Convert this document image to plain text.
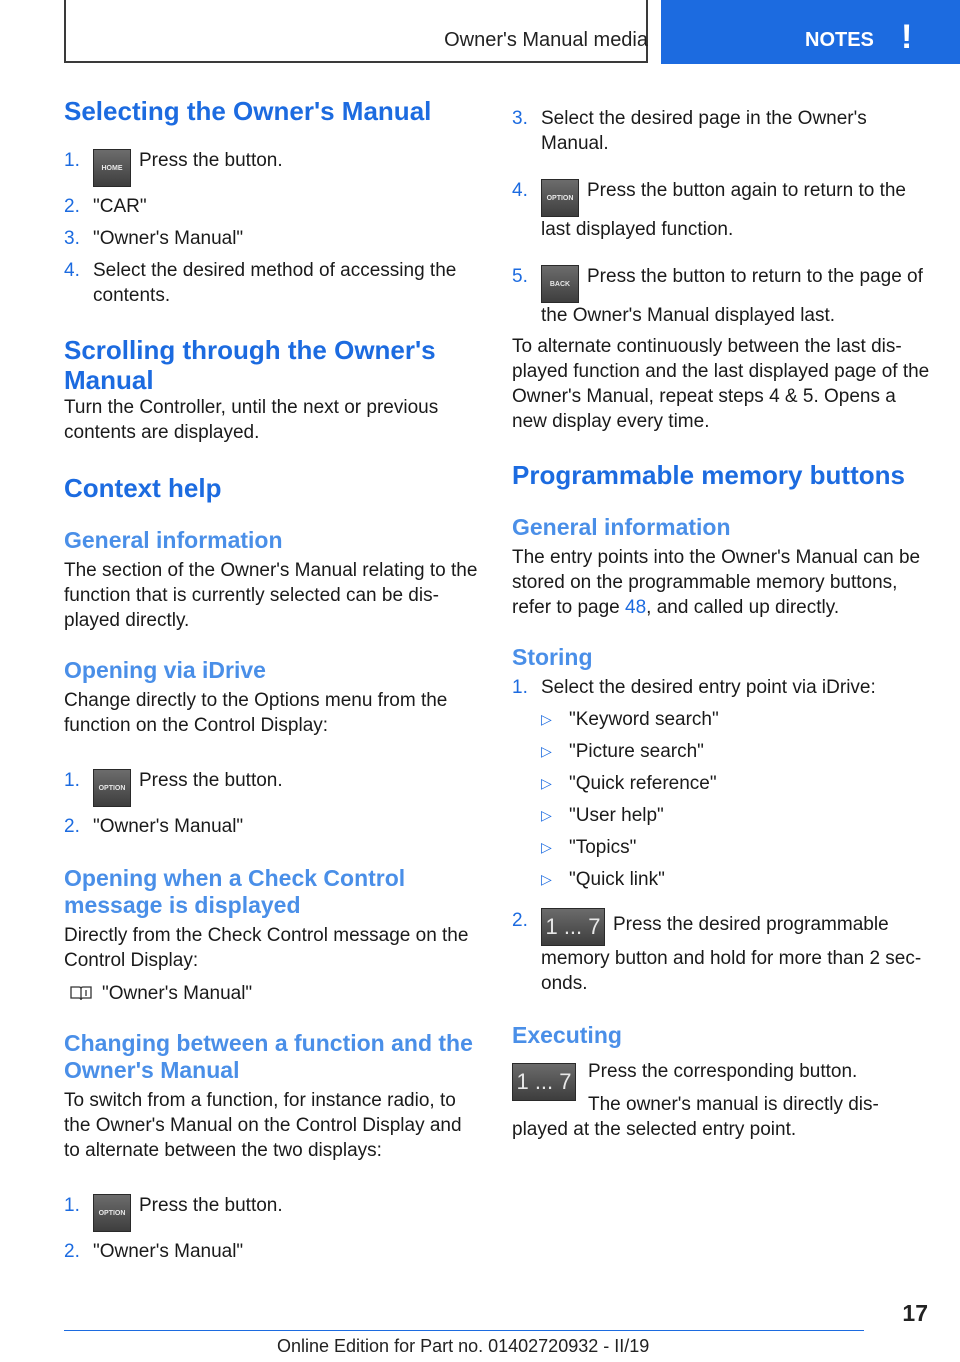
Owner's Manual media	NOTES !
Selecting the Owner's Manual
1.	HOME Press the button.
2. "CAR"
3. "Owner's Manual"
4. Select the desired method of accessing the contents.
Scrolling through the Owner's Manual

Turn the Controller, until the next or previous contents are displayed.

Context help
General information

The section of the Owner's Manual relating to the function that is currently selected can be dis‐played directly.

Opening via iDrive

Change directly to the Options menu from the function on the Control Display:

1.	OPTION Press the button.
2. "Owner's Manual"
Opening when a Check Control message is displayed

Directly from the Check Control message on the Control Display:

"Owner's Manual"

Changing between a function and the Owner's Manual

To switch from a function, for instance radio, to the Owner's Manual on the Control Display and to alternate between the two displays:

1.	OPTION Press the button.
2. "Owner's Manual"
3. Select the desired page in the Owner's Manual.
4.	OPTION Press the button again to return to the last displayed function.
5.	BACK Press the button to return to the page of the Owner's Manual displayed last.

To alternate continuously between the last dis‐played function and the last displayed page of the Owner's Manual, repeat steps 4 & 5. Opens a new display every time.

Programmable memory buttons
General information

The entry points into the Owner's Manual can be stored on the programmable memory buttons, refer to page 48, and called up directly.

Storing
1. Select the desired entry point via iDrive:
▷ "Keyword search"
▷ "Picture search"
▷ "Quick reference"
▷ "User help"
▷ "Topics"
▷ "Quick link"
2. 1 ... 7 Press the desired programmable memory button and hold for more than 2 sec‐onds.
Executing
1 ... 7 Press the corresponding button.

The owner's manual is directly dis‐played at the selected entry point.

17
Online Edition for Part no. 01402720932 - II/19
